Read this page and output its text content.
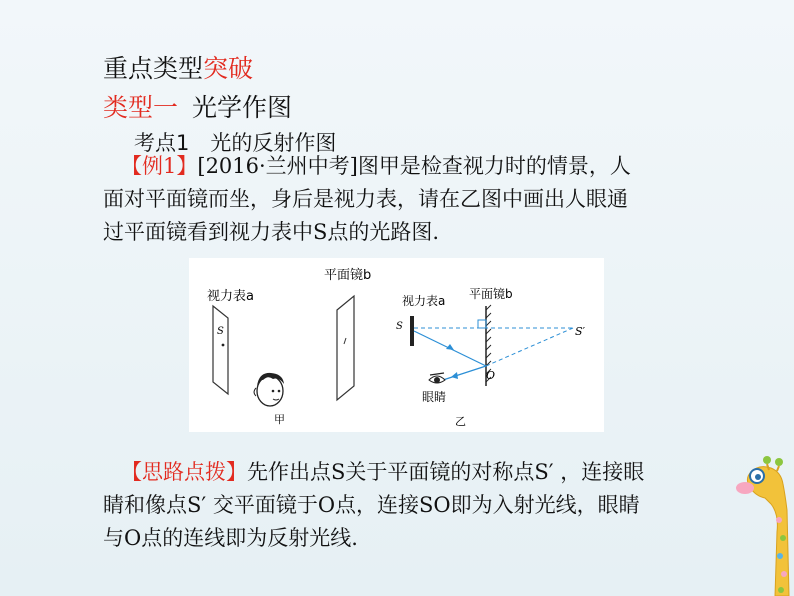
重点类型突破
类型一 光学作图
考点1　光的反射作图
【例1】[2016·兰州中考]图甲是检查视力时的情景，人
面对平面镜而坐，身后是视力表，请在乙图中画出人眼通
过平面镜看到视力表中S点的光路图.
视力表a
S
甲
平面镜b
视力表a 平面镜b
S	S′
O
眼睛
乙
【思路点拨】先作出点S关于平面镜的对称点S′ ，连接眼
睛和像点S′ 交平面镜于O点，连接SO即为入射光线，眼睛
与O点的连线即为反射光线.
